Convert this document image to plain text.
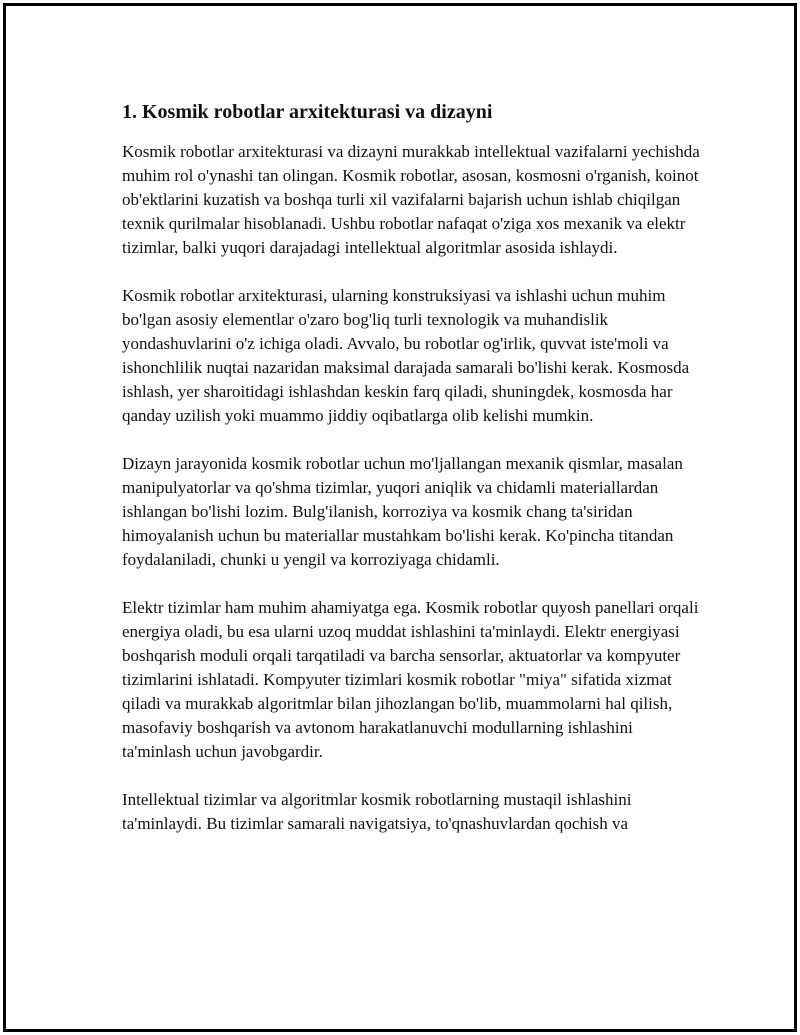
1. Kosmik robotlar arxitekturasi va dizayni

Kosmik robotlar arxitekturasi va dizayni murakkab intellektual vazifalarni yechishda muhim rol o'ynashi tan olingan. Kosmik robotlar, asosan, kosmosni o'rganish, koinot ob'ektlarini kuzatish va boshqa turli xil vazifalarni bajarish uchun ishlab chiqilgan texnik qurilmalar hisoblanadi. Ushbu robotlar nafaqat o'ziga xos mexanik va elektr tizimlar, balki yuqori darajadagi intellektual algoritmlar asosida ishlaydi.

Kosmik robotlar arxitekturasi, ularning konstruksiyasi va ishlashi uchun muhim bo'lgan asosiy elementlar o'zaro bog'liq turli texnologik va muhandislik yondashuvlarini o'z ichiga oladi. Avvalo, bu robotlar og'irlik, quvvat iste'moli va ishonchlilik nuqtai nazaridan maksimal darajada samarali bo'lishi kerak. Kosmosda ishlash, yer sharoitidagi ishlashdan keskin farq qiladi, shuningdek, kosmosda har qanday uzilish yoki muammo jiddiy oqibatlarga olib kelishi mumkin.

Dizayn jarayonida kosmik robotlar uchun mo'ljallangan mexanik qismlar, masalan manipulyatorlar va qo'shma tizimlar, yuqori aniqlik va chidamli materiallardan ishlangan bo'lishi lozim. Bulg'ilanish, korroziya va kosmik chang ta'siridan himoyalanish uchun bu materiallar mustahkam bo'lishi kerak. Ko'pincha titandan foydalaniladi, chunki u yengil va korroziyaga chidamli.

Elektr tizimlar ham muhim ahamiyatga ega. Kosmik robotlar quyosh panellari orqali energiya oladi, bu esa ularni uzoq muddat ishlashini ta'minlaydi. Elektr energiyasi boshqarish moduli orqali tarqatiladi va barcha sensorlar, aktuatorlar va kompyuter tizimlarini ishlatadi. Kompyuter tizimlari kosmik robotlar "miya" sifatida xizmat qiladi va murakkab algoritmlar bilan jihozlangan bo'lib, muammolarni hal qilish, masofaviy boshqarish va avtonom harakatlanuvchi modullarning ishlashini ta'minlash uchun javobgardir.

Intellektual tizimlar va algoritmlar kosmik robotlarning mustaqil ishlashini ta'minlaydi. Bu tizimlar samarali navigatsiya, to'qnashuvlardan qochish va
